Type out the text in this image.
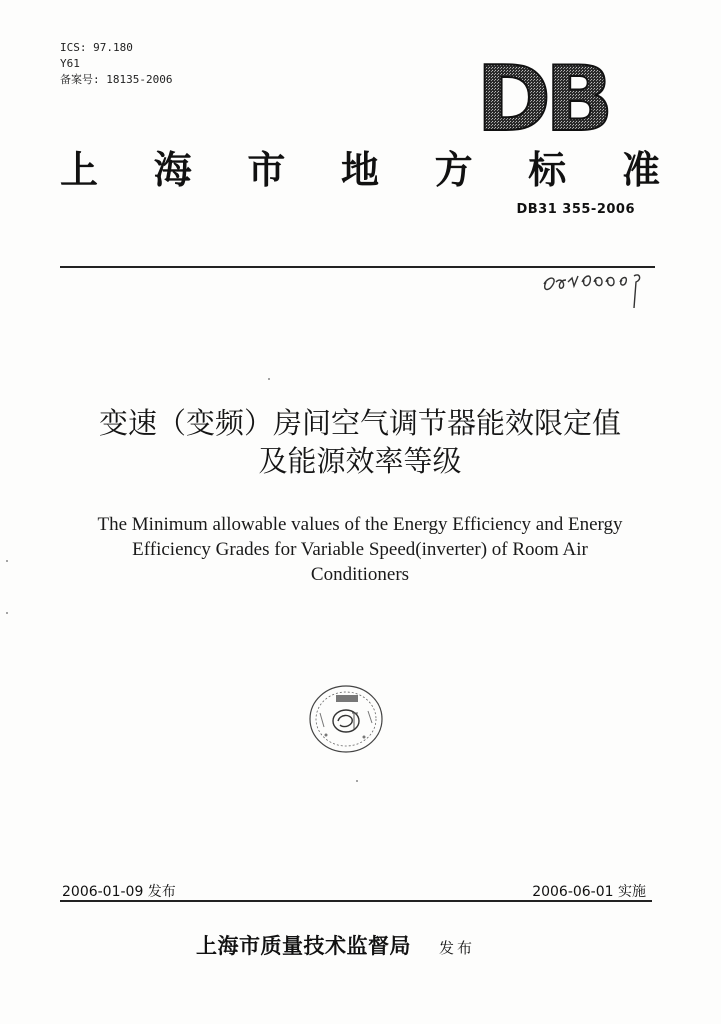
ICS: 97.180
Y61
备案号: 18135-2006	DB
上 海 市 地 方 标 准
DB31 355-2006
变速（变频）房间空气调节器能效限定值
及能源效率等级
The Minimum allowable values of the Energy Efficiency and Energy
Efficiency Grades for Variable Speed(inverter) of Room Air
Conditioners
2006-01-09 发布	2006-06-01 实施
上海市质量技术监督局 发布
